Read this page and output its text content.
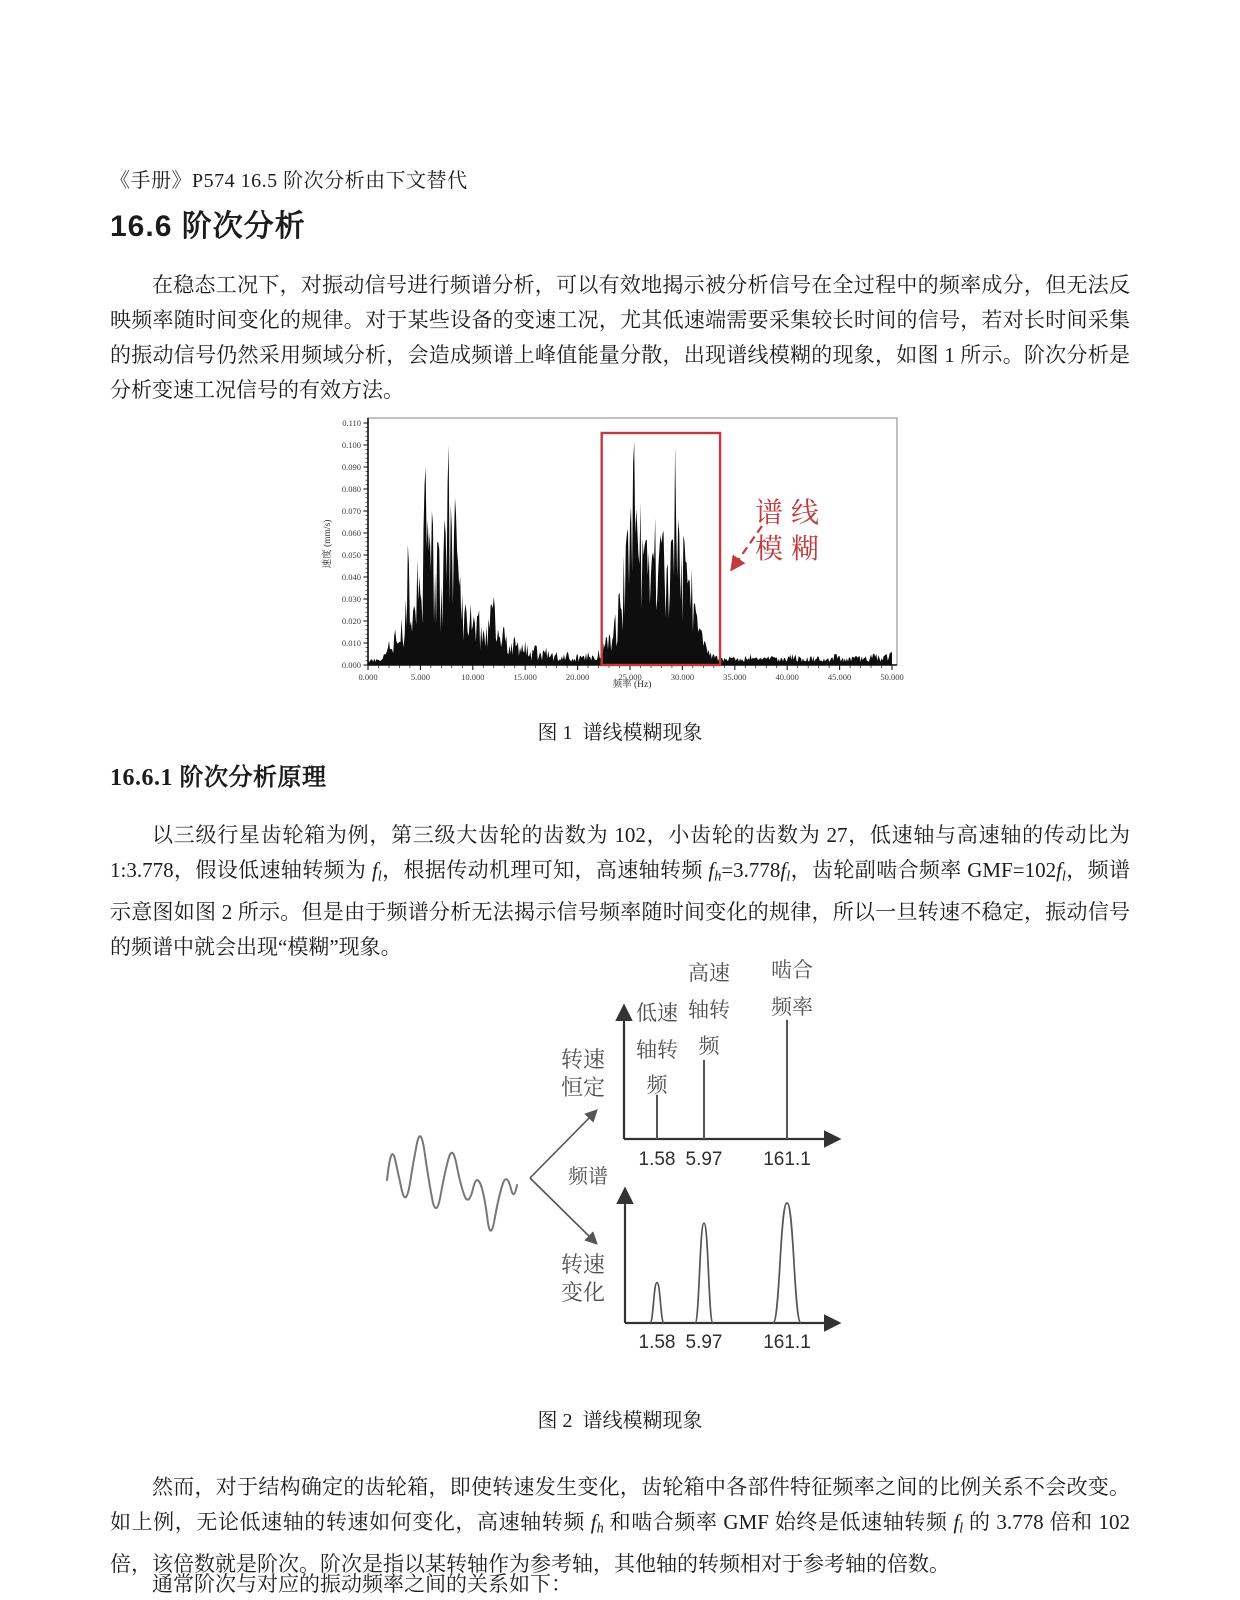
《手册》P574 16.5 阶次分析由下文替代
16.6 阶次分析
在稳态工况下，对振动信号进行频谱分析，可以有效地揭示被分析信号在全过程中的频率成分，但无法反映频率随时间变化的规律。对于某些设备的变速工况，尤其低速端需要采集较长时间的信号，若对长时间采集的振动信号仍然采用频域分析，会造成频谱上峰值能量分散，出现谱线模糊的现象，如图 1 所示。阶次分析是分析变速工况信号的有效方法。
0.000	5.000	10.000	15.000	20.000	25.000	30.000	35.000	40.000	45.000	50.000
0.000
0.010
0.020
0.030
0.040
0.050
0.060
0.070
0.080
0.090
0.100
0.110
谱线模糊
频率 (Hz)
速度 (mm/s)
图 1  谱线模糊现象
16.6.1 阶次分析原理
以三级行星齿轮箱为例，第三级大齿轮的齿数为 102，小齿轮的齿数为 27，低速轴与高速轴的传动比为 1:3.778，假设低速轴转频为 $f_l$，根据传动机理可知，高速轴转频 $f_h=3.778f_l$，齿轮副啮合频率 $GMF=102f_l$，频谱示意图如图 2 所示。但是由于频谱分析无法揭示信号频率随时间变化的规律，所以一旦转速不稳定，振动信号的频谱中就会出现“模糊”现象。
频谱
转速
恒定
转速
变化
低速
轴转
频
1.58
高速
轴转
频
5.97
啮合
频率
161.1
1.58 5.97 161.1
图 2  谱线模糊现象
然而，对于结构确定的齿轮箱，即使转速发生变化，齿轮箱中各部件特征频率之间的比例关系不会改变。如上例，无论低速轴的转速如何变化，高速轴转频 $f_h$ 和啮合频率 GMF 始终是低速轴转频 $f_l$ 的 3.778 倍和 102 倍，该倍数就是阶次。阶次是指以某转轴作为参考轴，其他轴的转频相对于参考轴的倍数。
通常阶次与对应的振动频率之间的关系如下：
